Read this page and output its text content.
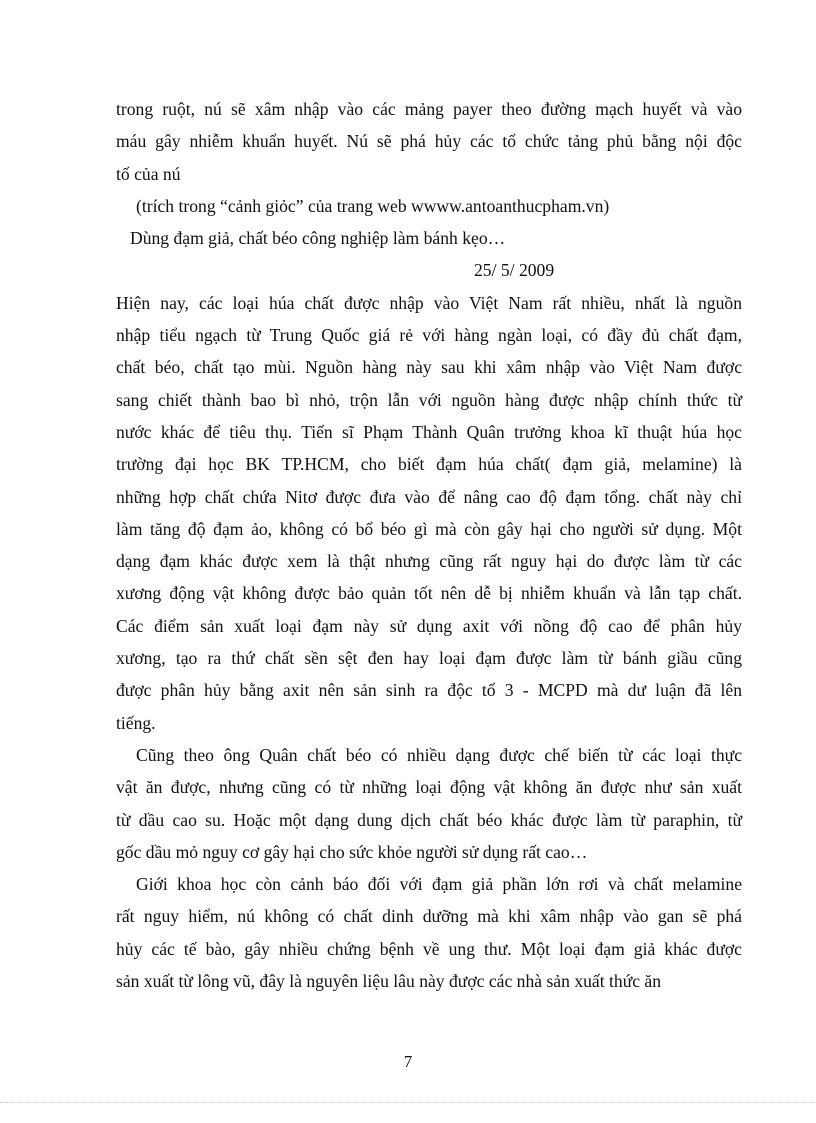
trong ruột, nú sẽ xâm nhập vào các mảng payer theo đường mạch huyết và vào
máu gây nhiễm khuẩn huyết. Nú sẽ phá hủy các tổ chức tảng phủ bằng nội độc
tố của nú
(trích trong “cảnh giỏc” của trang web wwww.antoanthucpham.vn)
Dùng đạm giả, chất béo công nghiệp làm bánh kẹo…
25/ 5/ 2009
Hiện nay, các loại húa chất được nhập vào Việt Nam rất nhiều, nhất là nguồn
nhập tiểu ngạch từ Trung Quốc giá rẻ với hàng ngàn loại, có đầy đủ chất đạm,
chất béo, chất tạo mùi. Nguồn hàng này sau khi xâm nhập vào Việt Nam được
sang chiết thành bao bì nhỏ, trộn lẫn với nguồn hàng được nhập chính thức từ
nước khác để tiêu thụ. Tiến sĩ Phạm Thành Quân trưởng khoa kĩ thuật húa học
trường đại học BK TP.HCM, cho biết đạm húa chất( đạm giả, melamine) là
những hợp chất chứa Nitơ được đưa vào để nâng cao độ đạm tổng. chất này chỉ
làm tăng độ đạm ảo, không có bổ béo gì mà còn gây hại cho người sử dụng. Một
dạng đạm khác được xem là thật nhưng cũng rất nguy hại do được làm từ các
xương động vật không được bảo quản tốt nên dễ bị nhiễm khuẩn và lẫn tạp chất.
Các điểm sản xuất loại đạm này sử dụng axit với nồng độ cao để phân hủy
xương, tạo ra thứ chất sền sệt đen hay loại đạm được làm từ bánh giầu cũng
được phân hủy bằng axit nên sản sinh ra độc tố 3 - MCPD mà dư luận đã lên
tiếng.
Cũng theo ông Quân chất béo có nhiều dạng được chế biến từ các loại thực
vật ăn được, nhưng cũng có từ những loại động vật không ăn được như sản xuất
từ dầu cao su. Hoặc một dạng dung dịch chất béo khác được làm từ paraphin, từ
gốc dầu mỏ nguy cơ gây hại cho sức khỏe người sử dụng rất cao…
Giới khoa học còn cảnh báo đối với đạm giả phần lớn rơi và chất melamine
rất nguy hiểm, nú không có chất dinh dưỡng mà khi xâm nhập vào gan sẽ phá
hủy các tế bào, gây nhiều chứng bệnh về ung thư. Một loại đạm giả khác được
sản xuất từ lông vũ, đây là nguyên liệu lâu này được các nhà sản xuất thức ăn
7
